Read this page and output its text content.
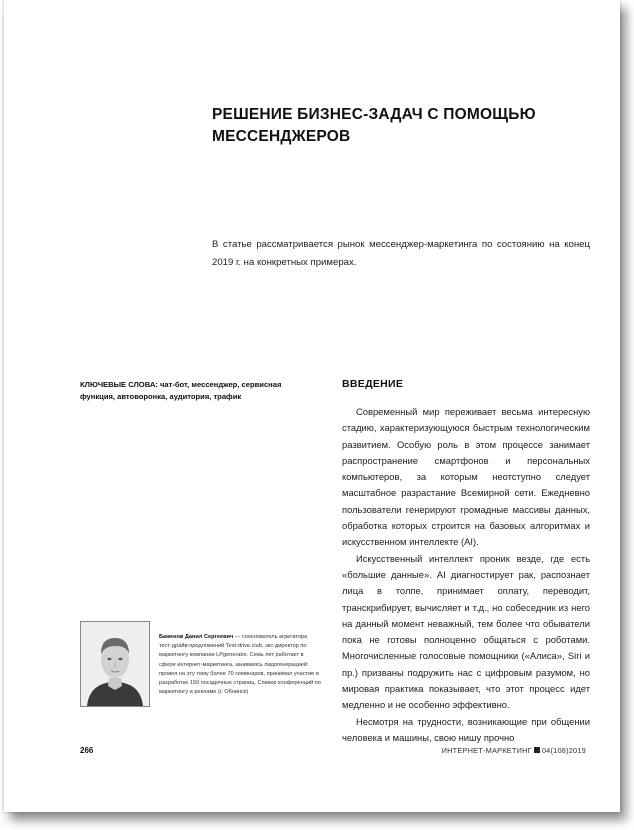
РЕШЕНИЕ БИЗНЕС-ЗАДАЧ С ПОМОЩЬЮ
МЕССЕНДЖЕРОВ

В статье рассматривается рынок мессенджер-маркетинга по состоянию на конец 2019 г. на конкретных примерах.

КЛЮЧЕВЫЕ СЛОВА: чат-бот, мессенджер, сервисная функция, автоворонка, аудитория, трафик

ВВЕДЕНИЕ

Современный мир переживает весьма интересную стадию, характеризующуюся быстрым технологическим развитием. Особую роль в этом процессе занимает распространение смартфонов и персональных компьютеров, за которым неотступно следует масштабное разрастание Всемирной сети. Ежедневно пользователи генерируют громадные массивы данных, обработка которых строится на базовых алгоритмах и искусственном интеллекте (AI).

Искусственный интеллект проник везде, где есть «большие данные». AI диагностирует рак, распознает лица в толпе, принимает оплату, переводит, транскрибирует, вычисляет и т.д., но собеседник из него на данный момент неважный, тем более что обыватели пока не готовы полноценно общаться с роботами. Многочисленные голосовые помощники («Алиса», Siri и пр.) призваны подружить нас с цифровым разумом, но мировая практика показывает, что этот процесс идет медленно и не особенно эффективно.

Несмотря на трудности, возникающие при общении человека и машины, свою нишу прочно

Баженов Данил Сергеевич — сооснователь агрегатора тест-драйв-предложений Test-drive.club, экс-директор по маркетингу компании LPgenerator. Семь лет работает в сфере интернет-маркетинга, занимаясь лидогенерацией: провел на эту тему более 70 семинаров, принимал участие в разработке 150 посадочных страниц. Спикер конференций по маркетингу и рекламе (г. Обнинск)

266	ИНТЕРНЕТ-МАРКЕТИНГ 04(108)2019
